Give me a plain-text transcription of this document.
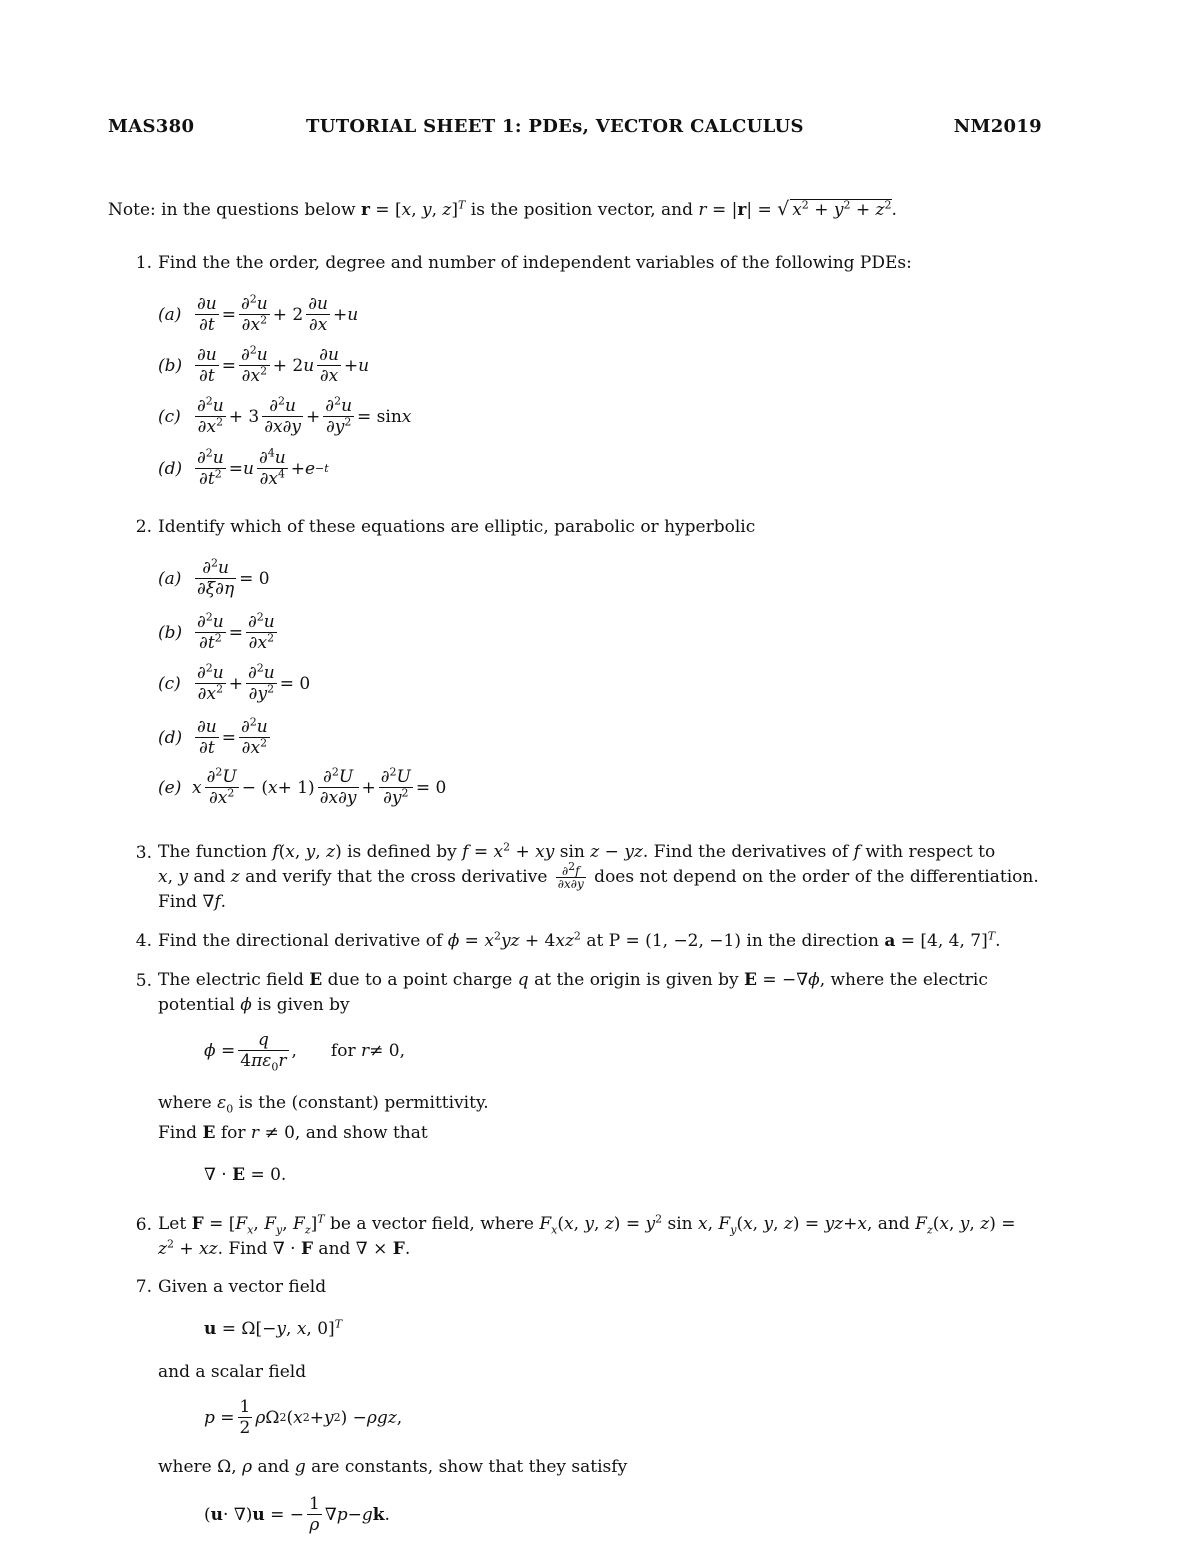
MAS380	TUTORIAL SHEET 1: PDEs, VECTOR CALCULUS	NM2019
Note: in the questions below r = [x, y, z]$^T$ is the position vector, and r = |r| = √ $x^2 + y^2 + z^2$.
1. Find the the order, degree and number of independent variables of the following PDEs:
$(a) \frac{\partial u}{\partial t} = \frac{\partial^2u}{\partial x^2} + 2 \frac{\partial u}{\partial x} + u$
$(b) \frac{\partial u}{\partial t} = \frac{\partial^2u}{\partial x^2} + 2$ u $\frac{\partial u}{\partial x} + u$
$(c) \frac{\partial^2u}{\partial x^2} + 3 \frac{\partial^2u}{\partial x\partial y} + \frac{\partial^2u}{\partial y^2} = \sin x$
$(d) \frac{\partial^2u}{\partial t^2} = u \frac{\partial^4u}{\partial x^4} + e -t$
2. Identify which of these equations are elliptic, parabolic or hyperbolic
$(a) \frac{\partial^2u}{\partial\xi\partial\eta} = 0$
$(b) \frac{\partial^2u}{\partial t^2} = \frac{\partial^2u}{\partial x^2}$
$(c) \frac{\partial^2u}{\partial x^2} + \frac{\partial^2u}{\partial y^2} = 0$
$(d) \frac{\partial u}{\partial t} = \frac{\partial^2u}{\partial x^2}$
(e) x $\frac{\partial^2U}{\partial x^2}$ − ( $x + 1) \frac{\partial^2U}{\partial x\partial y} + \frac{\partial^2U}{\partial y^2} = 0$
3. The function f(x, y, z) is defined by $f = x^2$ + xy sin z − yz. Find the derivatives of f with respect to
x, y and z and verify that the cross derivative $\frac{\partial^2f}{\partial x\partial y}$ does not depend on the order of the differentiation.
Find ∇f.
4. Find the directional derivative of $\phi = x^2yz + 4xz^2$ at P = (1, −2, −1) in the direction a = [4, 4, 7]$^T$.
5. The electric field E due to a point charge q at the origin is given by E = −∇ϕ, where the electric
potential ϕ is given by
$\phi = \frac{q}{4\pi\varepsilon_0r}$ , for
r ≠ 0,
where $\varepsilon_0$ is the (constant) permittivity.
Find E for r ≠ 0, and show that
∇ · E = 0.
6. Let $F = [F_x$, $F_y$, $F_z]^T$ be a vector field, where $F_x(x$, y, $z) = y^2$ sin x, $F_y(x$, y, z) = yz+x, and $F_z(x$, y, z) =
$z^2$ + xz. Find ∇ · F and ∇ × F.
7. Given a vector field
u = Ω[−y, x, 0]$^T$
and a scalar field
$p = \frac{1}{2}$ ρ Ω 2 ( x 2 + y 2 ) − ρgz ,
where Ω, ρ and g are constants, show that they satisfy
( u · ∇) u = − $\frac{1}{\rho}$ ∇ p − g k .
